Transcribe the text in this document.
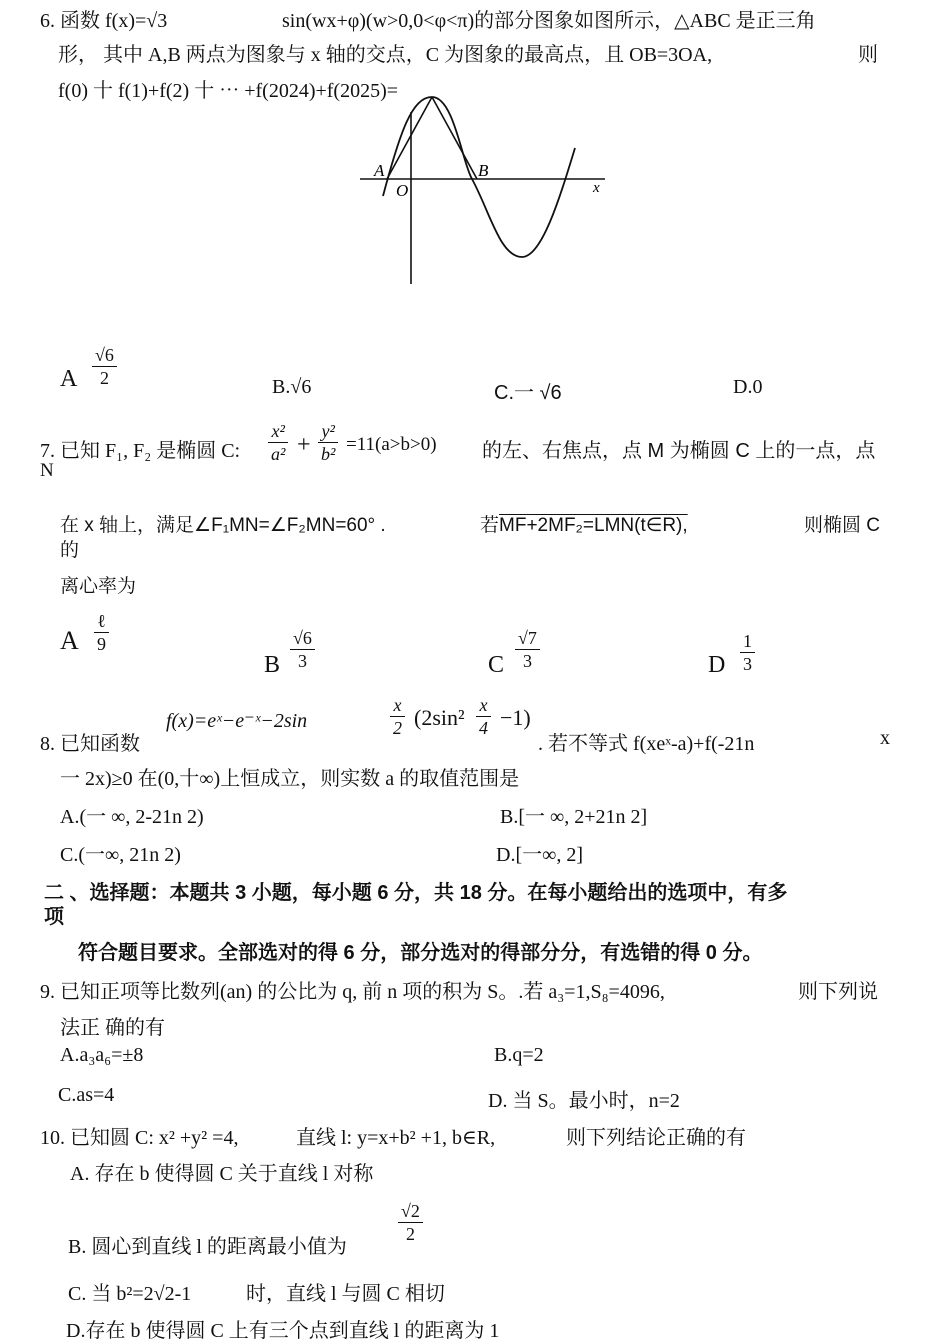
6. 函数 f(x)=√3	sin(wx+φ)(w>0,0<φ<π)的部分图象如图所示，△ABC 是正三角
形， 其中 A,B 两点为图象与 x 轴的交点，C 为图象的最高点，且 OB=3OA,	则
f(0) 十 f(1)+f(2) 十 ⋯ +f(2024)+f(2025)=
A
O
B
x
A $\frac{√6}{2}$	B.√6	C.一 √6	D.0
7. 已知 F₁, F₂ 是椭圆 C: $\frac{\text{x²}}{\text{a²}} + \frac{\text{y²}}{\text{b²}} =11(a>b>0)$ 的左、右焦点，点 M 为椭圆 C 上的一点，点
N
在 x 轴上，满足∠F₁MN=∠F₂MN=60° .	若$\overline{MF}+2MF_2=\overline{LMN}(t\in R)$,	则椭圆 C
的
离心率为
A
ℓ
9
B $\frac{√6}{3}$	C $\frac{√7}{3}$	D $\frac{1}{3}$
8. 已知函数
f(x)=eˣ−e⁻ˣ−2sin	$\frac{x}{2} (2\sin^2 \frac{x}{4} -1)$
. 若不等式 f(xeˣ-a)+f(-21n	x
一 2x)≥0 在(0,十∞)上恒成立，则实数 a 的取值范围是
A.(一 ∞, 2-21n 2)	B.[一 ∞, 2+21n 2]
C.(一∞, 21n 2)	D.[一∞, 2]
二 、选择题：本题共 3 小题，每小题 6 分，共 18 分。在每小题给出的选项中，有多
项
符合题目要求。全部选对的得 6 分，部分选对的得部分分，有选错的得 0 分。
9. 已知正项等比数列(an) 的公比为 q, 前 n 项的积为 S。.若 a₃=1,S₈=4096,	则下列说
法正 确的有
A.a₃a₆=±8	B.q=2
C.as=4	D. 当 S。最小时，n=2
10. 已知圆 C: x² +y² =4,	直线 l: y=x+b² +1, b∈R,	则下列结论正确的有
A. 存在 b 使得圆 C 关于直线 l 对称
B. 圆心到直线 l 的距离最小值为
$\frac{√2}{2}$
C. 当 b²=2√2-1	时，直线 l 与圆 C 相切
D.存在 b 使得圆 C 上有三个点到直线 l 的距离为 1
